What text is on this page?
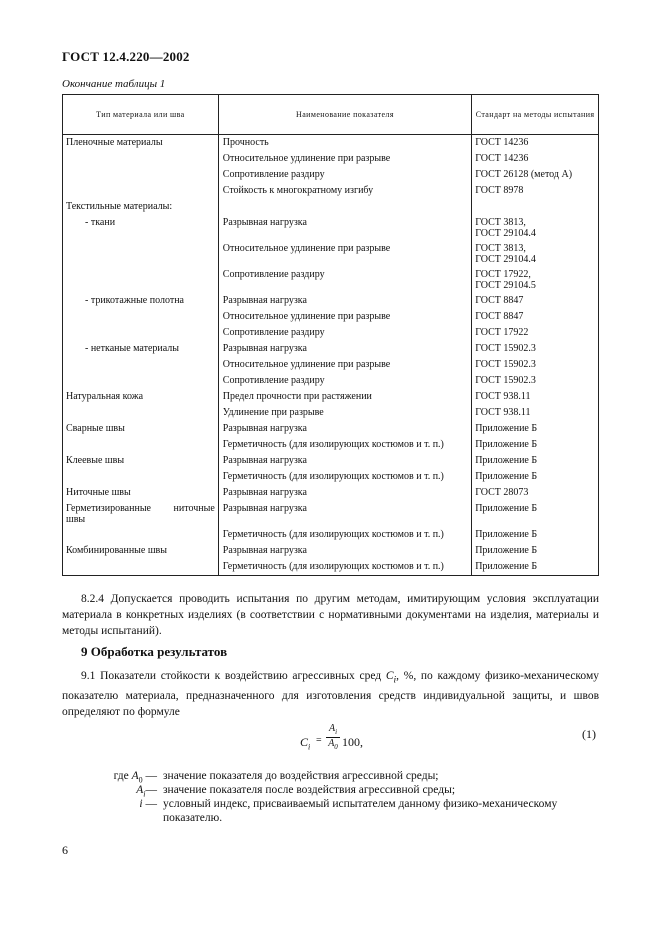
ГОСТ 12.4.220—2002
Окончание таблицы 1
Тип материала или шва	Наименование показателя	Стандарт на методы испытания
Пленочные материалы	Прочность	ГОСТ 14236
	Относительное удлинение при разрыве	ГОСТ 14236
	Сопротивление раздиру	ГОСТ 26128 (метод А)
	Стойкость к многократному изгибу	ГОСТ 8978
Текстильные материалы:		
- ткани	Разрывная нагрузка	ГОСТ 3813,
ГОСТ 29104.4
	Относительное удлинение при разрыве	ГОСТ 3813,
ГОСТ 29104.4
	Сопротивление раздиру	ГОСТ 17922,
ГОСТ 29104.5
- трикотажные полотна	Разрывная нагрузка	ГОСТ 8847
	Относительное удлинение при разрыве	ГОСТ 8847
	Сопротивление раздиру	ГОСТ 17922
- нетканые материалы	Разрывная нагрузка	ГОСТ 15902.3
	Относительное удлинение при разрыве	ГОСТ 15902.3
	Сопротивление раздиру	ГОСТ 15902.3
Натуральная кожа	Предел прочности при растяжении	ГОСТ 938.11
	Удлинение при разрыве	ГОСТ 938.11
Сварные швы	Разрывная нагрузка	Приложение Б
	Герметичность (для изолирующих костюмов и т. п.)	Приложение Б
Клеевые швы	Разрывная нагрузка	Приложение Б
	Герметичность (для изолирующих костюмов и т. п.)	Приложение Б
Ниточные швы	Разрывная нагрузка	ГОСТ 28073
Герметизированные ниточные швы	Разрывная нагрузка	Приложение Б
	Герметичность (для изолирующих костюмов и т. п.)	Приложение Б
Комбинированные швы	Разрывная нагрузка	Приложение Б
	Герметичность (для изолирующих костюмов и т. п.)	Приложение Б
8.2.4 Допускается проводить испытания по другим методам, имитирующим условия эксплуатации материала в конкретных изделиях (в соответствии с нормативными документами на изделия, материалы и методы испытаний).
9 Обработка результатов
9.1 Показатели стойкости к воздействию агрессивных сред $C_i$, %, по каждому физико-механическому показателю материала, предназначенного для изготовления средств индивидуальной защиты, и швов определяют по формуле
$C_i$
= $\frac{A_i}{A_0} 100$,
(1)
где $A_0$ — значение показателя до воздействия агрессивной среды;
$A_i—$ значение показателя после воздействия агрессивной среды;
i — условный индекс, присваиваемый испытателем данному физико-механическому показателю.
6
